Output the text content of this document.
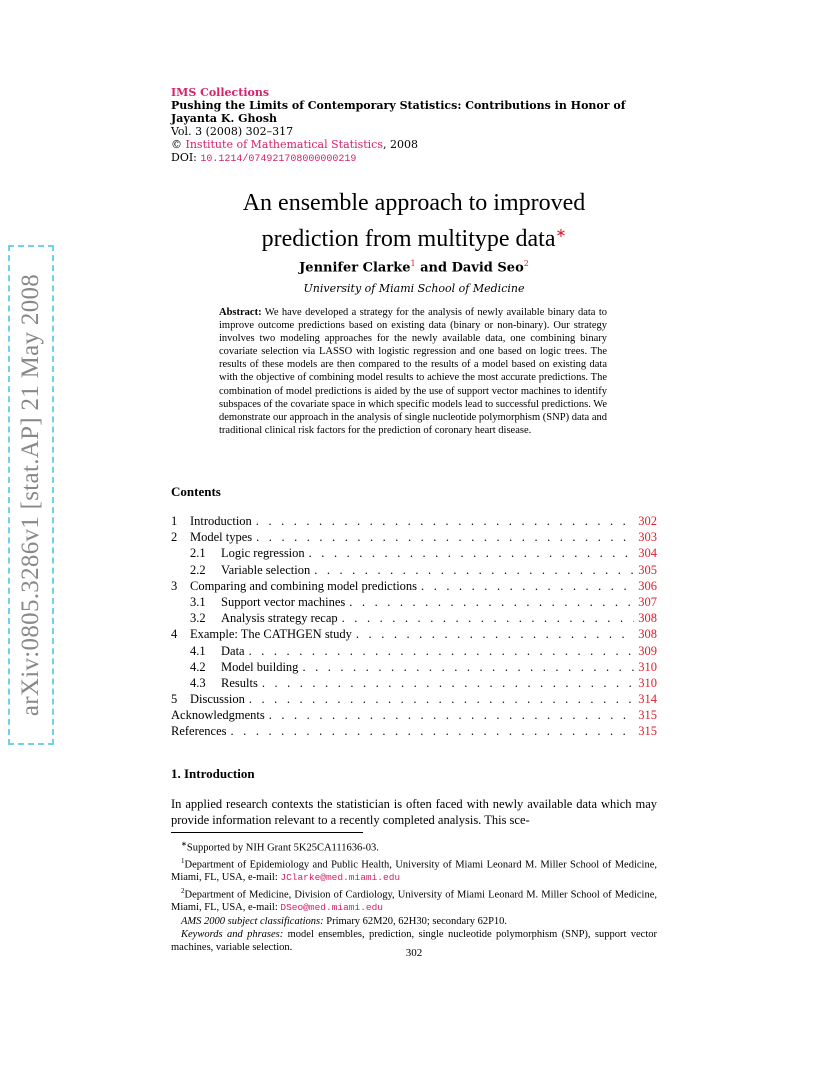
arXiv:0805.3286v1 [stat.AP] 21 May 2008
IMS Collections
Pushing the Limits of Contemporary Statistics: Contributions in Honor of
Jayanta K. Ghosh
Vol. 3 (2008) 302–317
© Institute of Mathematical Statistics, 2008
DOI: 10.1214/074921708000000219
An ensemble approach to improved
prediction from multitype data∗
Jennifer Clarke$^1$ and David Seo$^2$
University of Miami School of Medicine
Abstract: We have developed a strategy for the analysis of newly available binary data to improve outcome predictions based on existing data (binary or non-binary). Our strategy involves two modeling approaches for the newly available data, one combining binary covariate selection via LASSO with logistic regression and one based on logic trees. The results of these models are then compared to the results of a model based on existing data with the objective of combining model results to achieve the most accurate predictions. The combination of model predictions is aided by the use of support vector machines to identify subspaces of the covariate space in which specific models lead to successful predictions. We demonstrate our approach in the analysis of single nucleotide polymorphism (SNP) data and traditional clinical risk factors for the prediction of coronary heart disease.
Contents
1	Introduction . . .	302
2	Model types . . .	303
2.1	Logic regression . . .	304
2.2	Variable selection . . .	305
3	Comparing and combining model predictions . . .	306
3.1	Support vector machines . . .	307
3.2	Analysis strategy recap . . .	308
4	Example: The CATHGEN study . . .	308
4.1	Data . . .	309
4.2	Model building . . .	310
4.3	Results . . .	310
5	Discussion . . .	314
Acknowledgments . . .	315
References . . .	315
1. Introduction
In applied research contexts the statistician is often faced with newly available data which may provide information relevant to a recently completed analysis. This sce-

∗Supported by NIH Grant 5K25CA111636-03.

$^1$Department of Epidemiology and Public Health, University of Miami Leonard M. Miller School of Medicine, Miami, FL, USA, e-mail: JClarke@med.miami.edu

$^2$Department of Medicine, Division of Cardiology, University of Miami Leonard M. Miller School of Medicine, Miami, FL, USA, e-mail: DSeo@med.miami.edu

AMS 2000 subject classifications: Primary 62M20, 62H30; secondary 62P10.

Keywords and phrases: model ensembles, prediction, single nucleotide polymorphism (SNP), support vector machines, variable selection.	302
